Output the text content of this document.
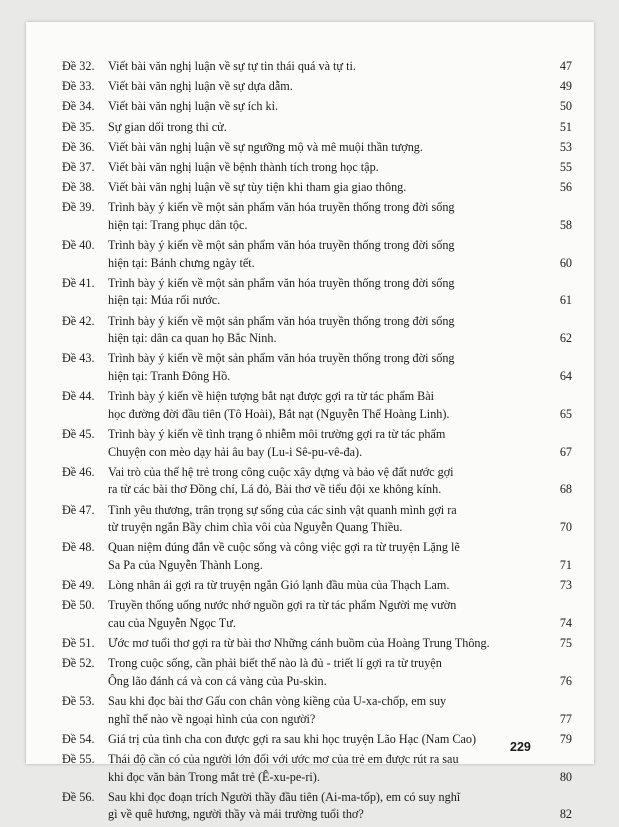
Đề 32.	Viết bài văn nghị luận về sự tự tin thái quá và tự ti.	47
Đề 33.	Viết bài văn nghị luận về sự dựa dẫm.	49
Đề 34.	Viết bài văn nghị luận về sự ích kỉ.	50
Đề 35.	Sự gian dối trong thi cử.	51
Đề 36.	Viết bài văn nghị luận về sự ngưỡng mộ và mê muội thần tượng.	53
Đề 37.	Viết bài văn nghị luận về bệnh thành tích trong học tập.	55
Đề 38.	Viết bài văn nghị luận về sự tùy tiện khi tham gia giao thông.	56
Đề 39.	Trình bày ý kiến về một sản phẩm văn hóa truyền thống trong đời sống
hiện tại: Trang phục dân tộc.	58
Đề 40.	Trình bày ý kiến về một sản phẩm văn hóa truyền thống trong đời sống
hiện tại: Bánh chưng ngày tết.	60
Đề 41.	Trình bày ý kiến về một sản phẩm văn hóa truyền thống trong đời sống
hiện tại: Múa rối nước.	61
Đề 42.	Trình bày ý kiến về một sản phẩm văn hóa truyền thống trong đời sống
hiện tại: dân ca quan họ Bắc Ninh.	62
Đề 43.	Trình bày ý kiến về một sản phẩm văn hóa truyền thống trong đời sống
hiện tại: Tranh Đông Hồ.	64
Đề 44.	Trình bày ý kiến về hiện tượng bắt nạt được gợi ra từ tác phẩm Bài
học đường đời đầu tiên (Tô Hoài), Bắt nạt (Nguyễn Thế Hoàng Linh).	65
Đề 45.	Trình bày ý kiến về tình trạng ô nhiễm môi trường gợi ra từ tác phẩm
Chuyện con mèo dạy hải âu bay (Lu-i Sê-pu-vê-đa).	67
Đề 46.	Vai trò của thế hệ trẻ trong công cuộc xây dựng và bảo vệ đất nước gợi
ra từ các bài thơ Đồng chí, Lá đỏ, Bài thơ về tiểu đội xe không kính.	68
Đề 47.	Tình yêu thương, trân trọng sự sống của các sinh vật quanh mình gợi ra
từ truyện ngắn Bầy chim chìa vôi của Nguyễn Quang Thiều.	70
Đề 48.	Quan niệm đúng đắn về cuộc sống và công việc gợi ra từ truyện Lặng lẽ
Sa Pa của Nguyễn Thành Long.	71
Đề 49.	Lòng nhân ái gợi ra từ truyện ngắn Gió lạnh đầu mùa của Thạch Lam.	73
Đề 50.	Truyền thống uống nước nhớ nguồn gợi ra từ tác phẩm Người mẹ vườn
cau của Nguyễn Ngọc Tư.	74
Đề 51.	Ước mơ tuổi thơ gợi ra từ bài thơ Những cánh buồm của Hoàng Trung Thông.	75
Đề 52.	Trong cuộc sống, cần phải biết thế nào là đủ - triết lí gợi ra từ truyện
Ông lão đánh cá và con cá vàng của Pu-skin.	76
Đề 53.	Sau khi đọc bài thơ Gấu con chân vòng kiềng của U-xa-chốp, em suy
nghĩ thế nào về ngoại hình của con người?	77
Đề 54.	Giá trị của tình cha con được gợi ra sau khi học truyện Lão Hạc (Nam Cao)	79
Đề 55.	Thái độ cần có của người lớn đối với ước mơ của trẻ em được rút ra sau
khi đọc văn bản Trong mắt trẻ (Ê-xu-pe-ri).	80
Đề 56.	Sau khi đọc đoạn trích Người thầy đầu tiên (Ai-ma-tốp), em có suy nghĩ
gì về quê hương, người thầy và mái trường tuổi thơ?	82
229
